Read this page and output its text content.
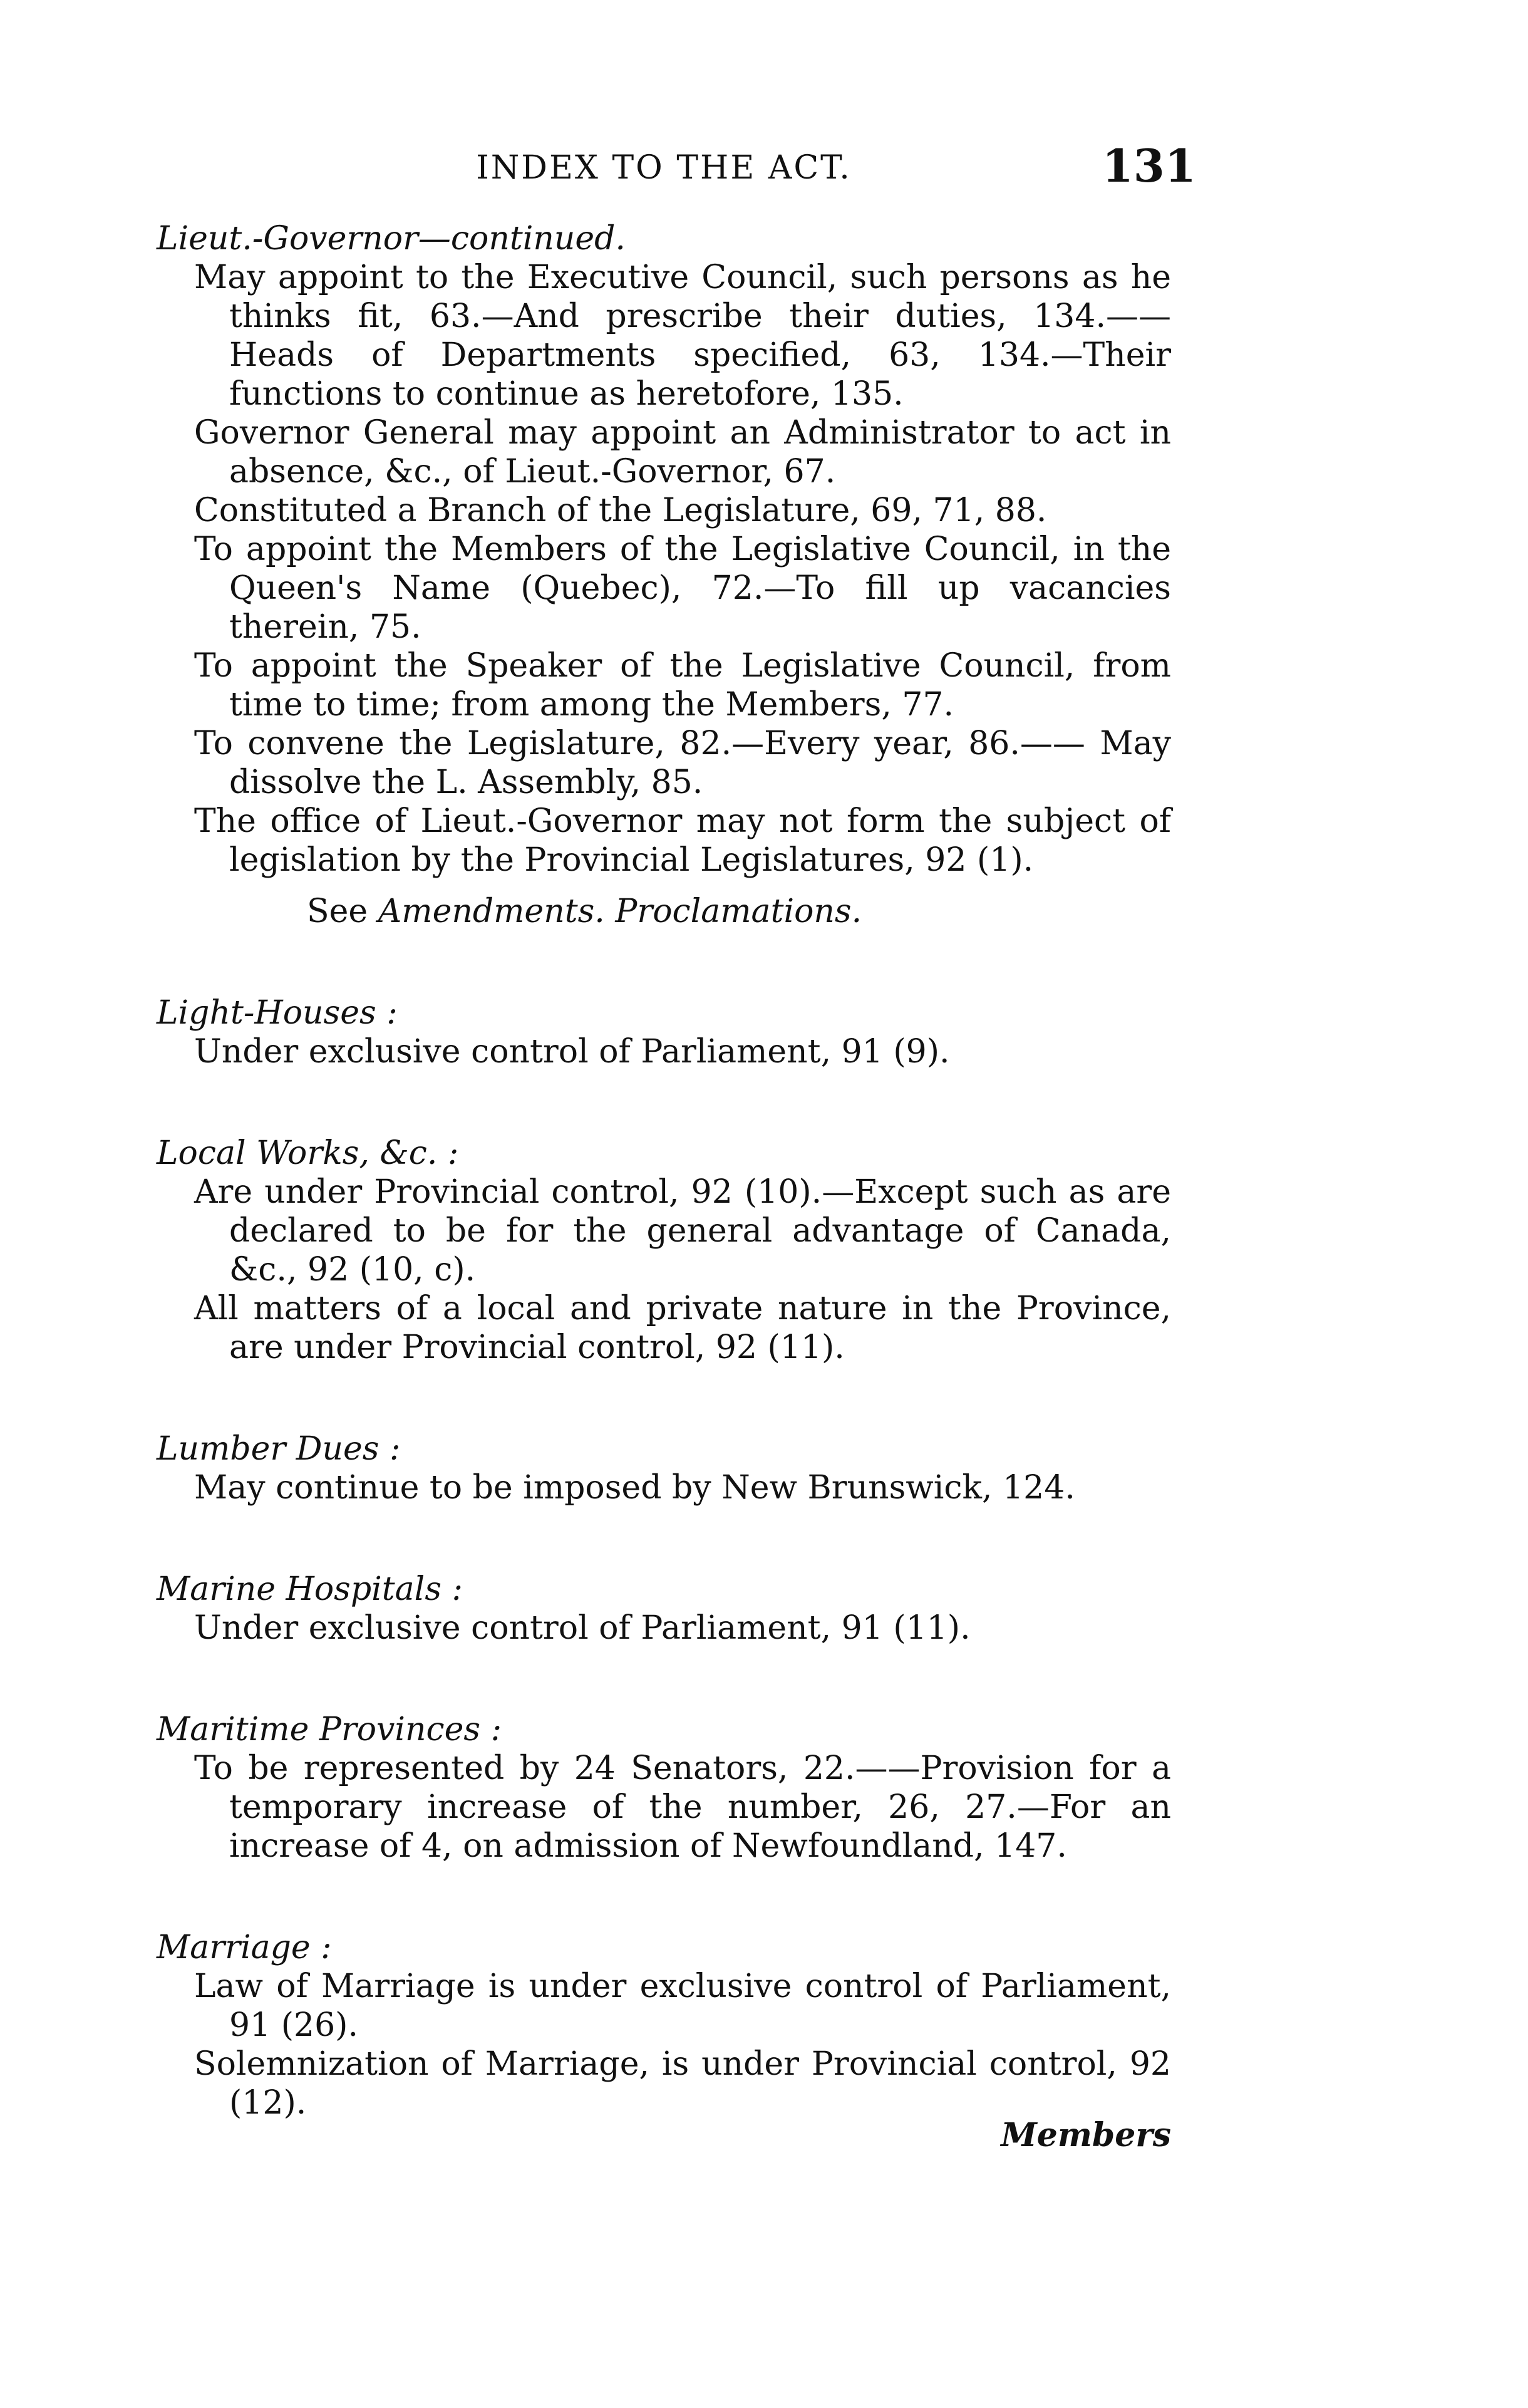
INDEX TO THE ACT.	131
Lieut.-Governor—continued.
May appoint to the Executive Council, such persons as he thinks fit, 63.—And prescribe their duties, 134.—— Heads of Departments specified, 63, 134.—Their functions to continue as heretofore, 135.
Governor General may appoint an Administrator to act in absence, &c., of Lieut.-Governor, 67.
Constituted a Branch of the Legislature, 69, 71, 88.
To appoint the Members of the Legislative Council, in the Queen's Name (Quebec), 72.—To fill up vacancies therein, 75.
To appoint the Speaker of the Legislative Council, from time to time; from among the Members, 77.
To convene the Legislature, 82.—Every year, 86.—— May dissolve the L. Assembly, 85.
The office of Lieut.-Governor may not form the subject of legislation by the Provincial Legislatures, 92 (1).
See Amendments. Proclamations.
Light-Houses :
Under exclusive control of Parliament, 91 (9).
Local Works, &c. :
Are under Provincial control, 92 (10).—Except such as are declared to be for the general advantage of Canada, &c., 92 (10, c).
All matters of a local and private nature in the Province, are under Provincial control, 92 (11).
Lumber Dues :
May continue to be imposed by New Brunswick, 124.
Marine Hospitals :
Under exclusive control of Parliament, 91 (11).
Maritime Provinces :
To be represented by 24 Senators, 22.——Provision for a temporary increase of the number, 26, 27.—For an increase of 4, on admission of Newfoundland, 147.
Marriage :
Law of Marriage is under exclusive control of Parliament, 91 (26).
Solemnization of Marriage, is under Provincial control, 92 (12).
Members
